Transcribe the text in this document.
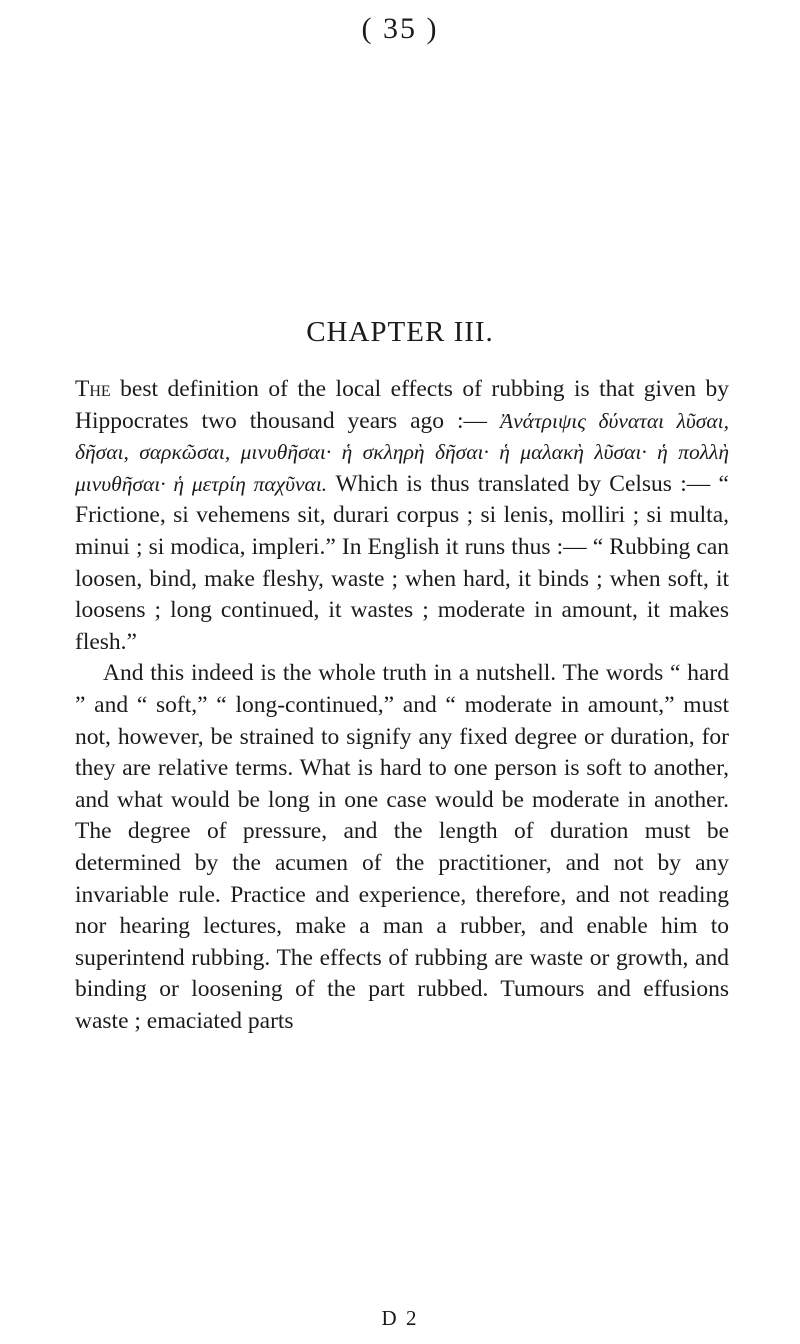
( 35 )
CHAPTER III.

The best definition of the local effects of rubbing is that given by Hippocrates two thousand years ago :— Ἀνάτριψις δύναται λῦσαι, δῆσαι, σαρκῶσαι, μινυθῆσαι· ἡ σκληρὴ δῆσαι· ἡ μαλακὴ λῦσαι· ἡ πολλὴ μινυθῆσαι· ἡ μετρίη παχῦναι. Which is thus translated by Celsus :— “ Frictione, si vehemens sit, durari corpus ; si lenis, molliri ; si multa, minui ; si modica, impleri.” In English it runs thus :— “ Rubbing can loosen, bind, make fleshy, waste ; when hard, it binds ; when soft, it loosens ; long continued, it wastes ; moderate in amount, it makes flesh.”

And this indeed is the whole truth in a nutshell. The words “ hard ” and “ soft,” “ long-continued,” and “ moderate in amount,” must not, however, be strained to signify any fixed degree or duration, for they are relative terms. What is hard to one person is soft to another, and what would be long in one case would be moderate in another. The degree of pressure, and the length of duration must be determined by the acumen of the practitioner, and not by any invariable rule. Practice and experience, therefore, and not reading nor hearing lectures, make a man a rubber, and enable him to superintend rubbing. The effects of rubbing are waste or growth, and binding or loosening of the part rubbed. Tumours and effusions waste ; emaciated parts

D 2
